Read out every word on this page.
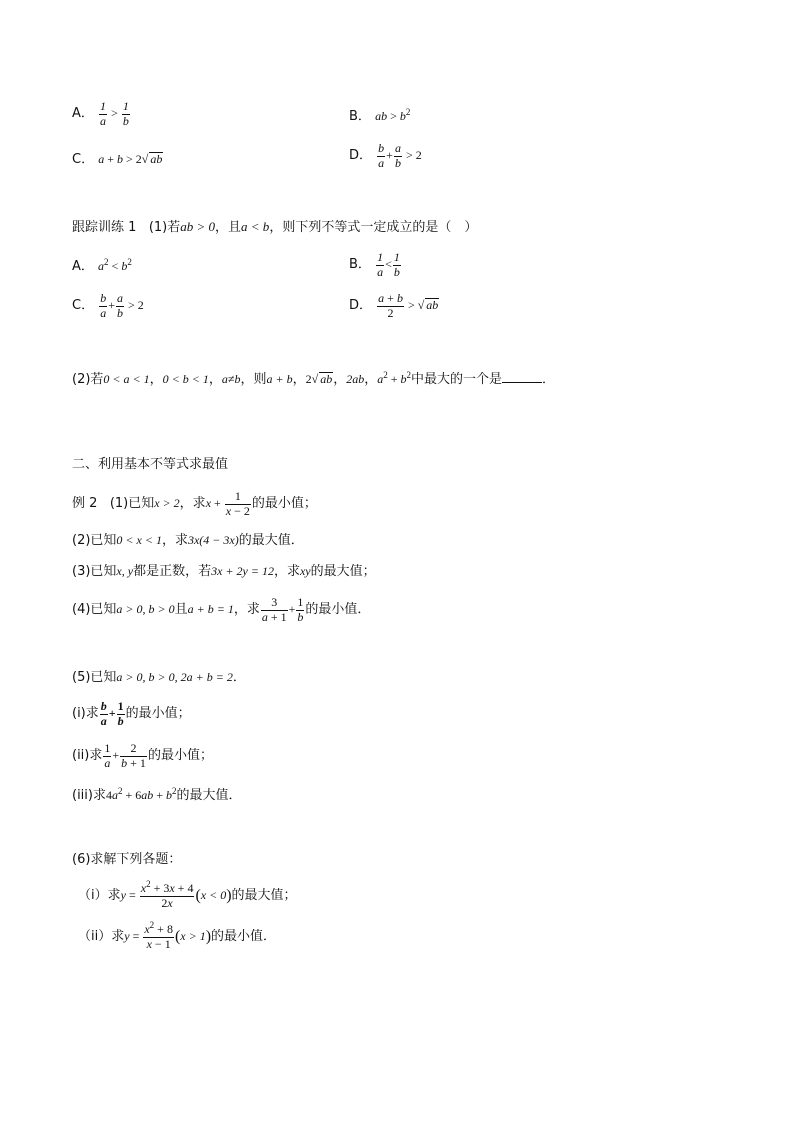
A． $\frac{1}{a} > \frac{1}{b}$	B． ab > $b^2$
C． a + b > 2√ ab	D． $\frac{b}{a} + \frac{a}{b} > 2$
跟踪训练 1 (1)若ab > 0，且a < b，则下列不等式一定成立的是（　）
A． $a^2 < b^2$	B． $\frac{1}{a} < \frac{1}{b}$
C． $\frac{b}{a} + \frac{a}{b} > 2$	D． $\frac{a + b}{2}$ > √ ab
(2)若0 < a < 1，0 < b < 1，a≠b，则a + b，2√ ab，2ab，$a^2 + b^2$中最大的一个是	．
二、利用基本不等式求最值
例 2 (1)已知x > 2，求$x + \frac{1}{x - 2}$ 的最小值；
(2)已知0 < x < 1，求3x(4 − 3x)的最大值．
(3)已知x, y都是正数，若3x + 2y = 12，求xy的最大值；
(4)已知a > 0, b > 0且a + b = 1，求 $\frac{3}{a + 1} + \frac{1}{b}$ 的最小值．
(5)已知a > 0, b > 0, 2a + b = 2．
(i)求 $\frac{b}{a} + \frac{1}{b}$ 的最小值；
(ii)求 $\frac{1}{a} + \frac{2}{b + 1}$ 的最小值；
(iii)求$4a^2 + 6ab + b^2$的最大值．
(6)求解下列各题：
（i）求$y = \frac{x^2 + 3x + 4}{2x} (x < 0)$的最大值；
（ii）求$y = \frac{x^2 + 8}{x - 1} (x > 1)$的最小值．
